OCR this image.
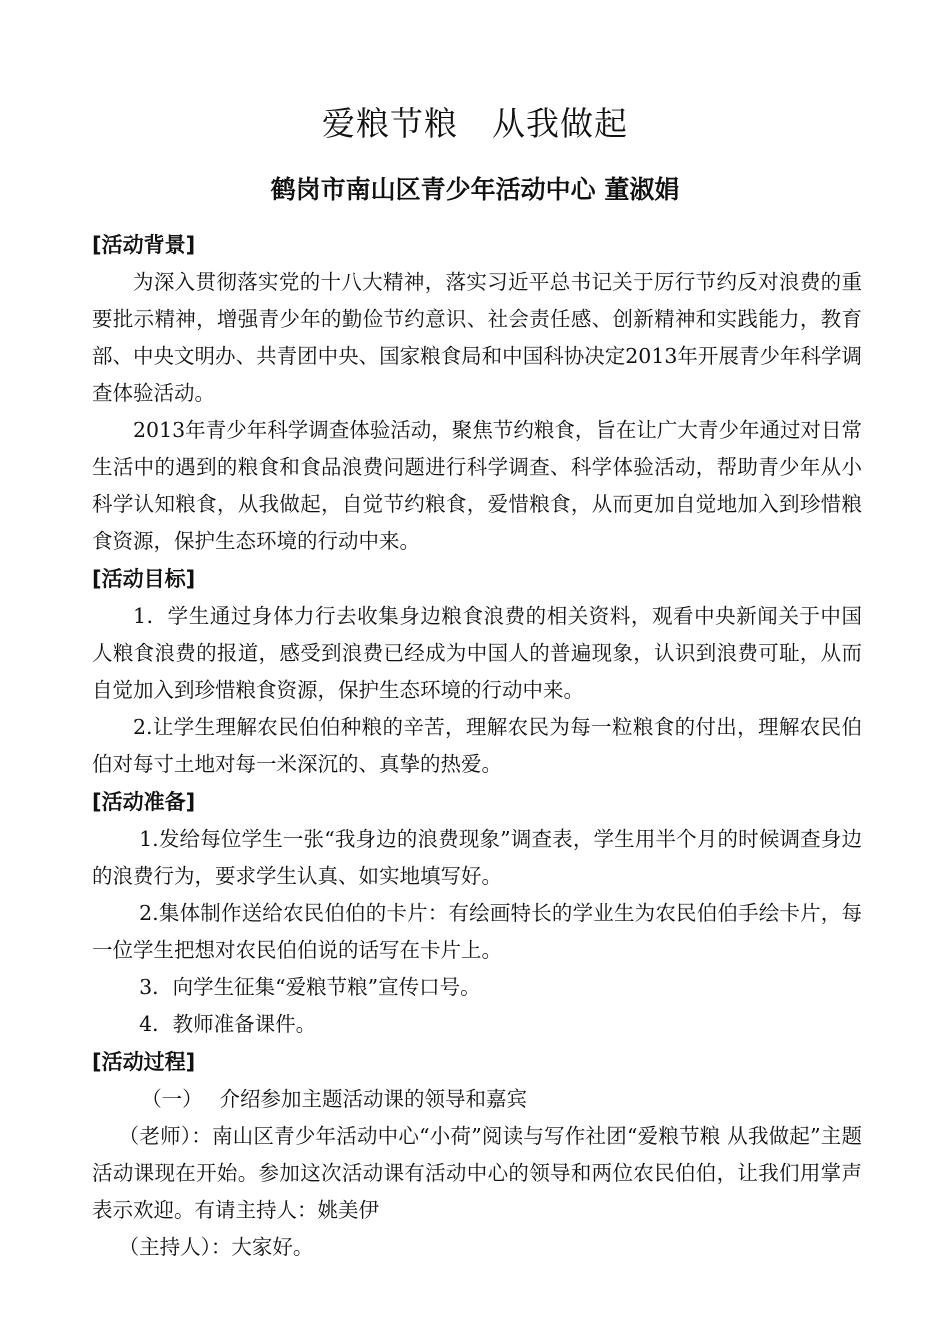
爱粮节粮　从我做起
鹤岗市南山区青少年活动中心 董淑娟
[活动背景]

为深入贯彻落实党的十八大精神，落实习近平总书记关于厉行节约反对浪费的重要批示精神，增强青少年的勤俭节约意识、社会责任感、创新精神和实践能力，教育部、中央文明办、共青团中央、国家粮食局和中国科协决定2013年开展青少年科学调查体验活动。

2013年青少年科学调查体验活动，聚焦节约粮食，旨在让广大青少年通过对日常生活中的遇到的粮食和食品浪费问题进行科学调查、科学体验活动，帮助青少年从小科学认知粮食，从我做起，自觉节约粮食，爱惜粮食，从而更加自觉地加入到珍惜粮食资源，保护生态环境的行动中来。

[活动目标]

1．学生通过身体力行去收集身边粮食浪费的相关资料，观看中央新闻关于中国人粮食浪费的报道，感受到浪费已经成为中国人的普遍现象，认识到浪费可耻，从而自觉加入到珍惜粮食资源，保护生态环境的行动中来。

2.让学生理解农民伯伯种粮的辛苦，理解农民为每一粒粮食的付出，理解农民伯伯对每寸土地对每一米深沉的、真挚的热爱。

[活动准备]

1.发给每位学生一张“我身边的浪费现象”调查表，学生用半个月的时候调查身边的浪费行为，要求学生认真、如实地填写好。

2.集体制作送给农民伯伯的卡片：有绘画特长的学业生为农民伯伯手绘卡片，每一位学生把想对农民伯伯说的话写在卡片上。

3．向学生征集“爱粮节粮”宣传口号。

4．教师准备课件。

[活动过程]

（一）　 介绍参加主题活动课的领导和嘉宾

（老师）：南山区青少年活动中心“小荷”阅读与写作社团“爱粮节粮 从我做起”主题活动课现在开始。参加这次活动课有活动中心的领导和两位农民伯伯，让我们用掌声表示欢迎。有请主持人：姚美伊

（主持人）：大家好。
